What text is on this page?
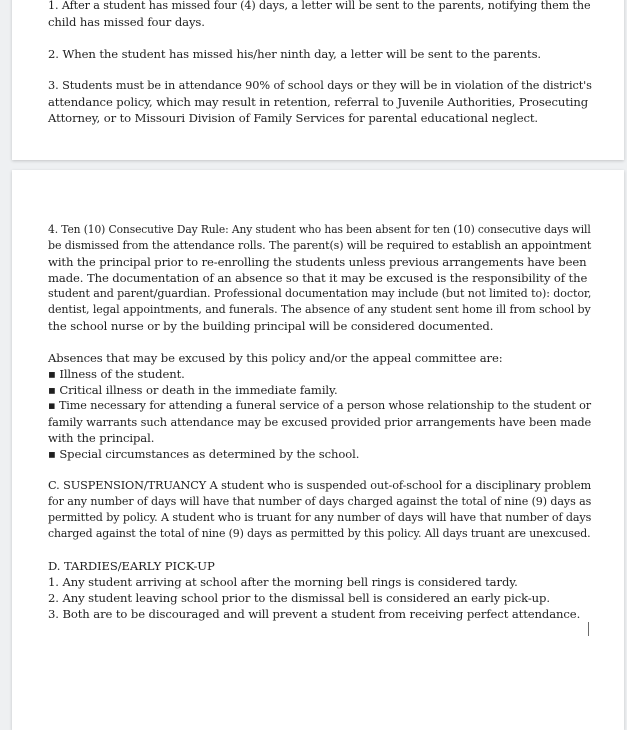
1. After a student has missed four (4) days, a letter will be sent to the parents, notifying them the
child has missed four days.
2. When the student has missed his/her ninth day, a letter will be sent to the parents.
3. Students must be in attendance 90% of school days or they will be in violation of the district's
attendance policy, which may result in retention, referral to Juvenile Authorities, Prosecuting
Attorney, or to Missouri Division of Family Services for parental educational neglect.
4. Ten (10) Consecutive Day Rule: Any student who has been absent for ten (10) consecutive days will
be dismissed from the attendance rolls. The parent(s) will be required to establish an appointment
with the principal prior to re-enrolling the students unless previous arrangements have been
made. The documentation of an absence so that it may be excused is the responsibility of the
student and parent/guardian. Professional documentation may include (but not limited to): doctor,
dentist, legal appointments, and funerals. The absence of any student sent home ill from school by
the school nurse or by the building principal will be considered documented.
Absences that may be excused by this policy and/or the appeal committee are:
▪ Illness of the student.
▪ Critical illness or death in the immediate family.
▪ Time necessary for attending a funeral service of a person whose relationship to the student or
family warrants such attendance may be excused provided prior arrangements have been made
with the principal.
▪ Special circumstances as determined by the school.
C. SUSPENSION/TRUANCY A student who is suspended out-of-school for a disciplinary problem
for any number of days will have that number of days charged against the total of nine (9) days as
permitted by policy. A student who is truant for any number of days will have that number of days
charged against the total of nine (9) days as permitted by this policy. All days truant are unexcused.
D. TARDIES/EARLY PICK-UP
1. Any student arriving at school after the morning bell rings is considered tardy.
2. Any student leaving school prior to the dismissal bell is considered an early pick-up.
3. Both are to be discouraged and will prevent a student from receiving perfect attendance.
